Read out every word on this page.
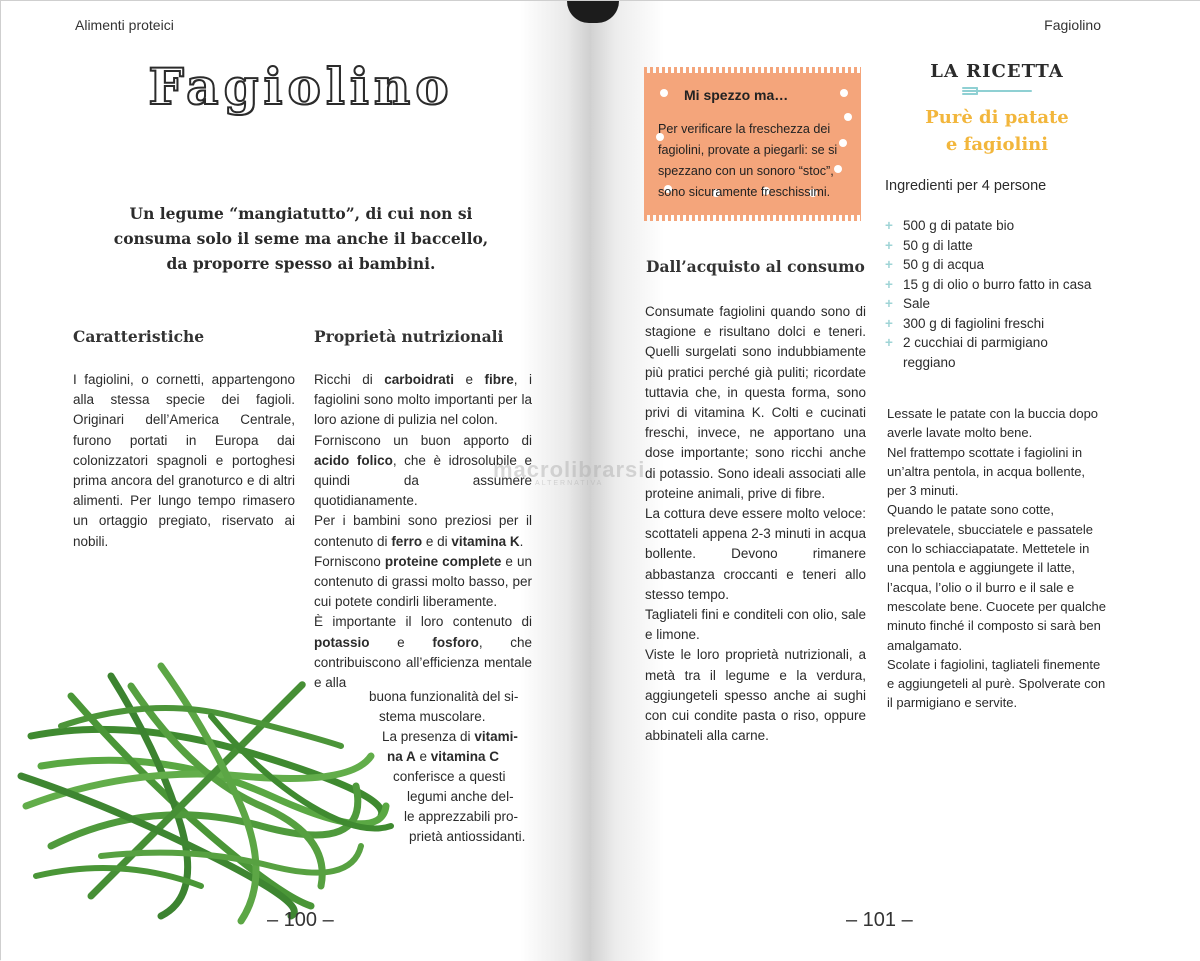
Alimenti proteici
Fagiolino
Un legume “mangiatutto”, di cui non si
consuma solo il seme ma anche il baccello,
da proporre spesso ai bambini.
Caratteristiche	Proprietà nutrizionali
I fagiolini, o cornetti, appartengono alla stessa specie dei fagioli. Originari dell’America Centrale, furono portati in Europa dai colonizzatori spagnoli e portoghesi prima ancora del granoturco e di altri alimenti. Per lungo tempo rimasero un ortaggio pregiato, riservato ai nobili.

Ricchi di carboidrati e fibre, i fagiolini sono molto importanti per la loro azione di pulizia nel colon.

Forniscono un buon apporto di acido folico, che è idrosolubile e quindi da assumere quotidianamente.

Per i bambini sono preziosi per il contenuto di ferro e di vitamina K.

Forniscono proteine complete e un contenuto di grassi molto basso, per cui potete condirli liberamente.

È importante il loro contenuto di potassio e fosforo, che contribuiscono all’efficienza mentale e alla

buona funzionalità del si-
stema muscolare.
La presenza di vitami-
na A e vitamina C
conferisce a questi
legumi anche del-
le apprezzabili pro-
prietà antiossidanti.
– 100 –
Fagiolino
Mi spezzo ma…
Per verificare la freschezza dei fagiolini, provate a piegarli: se si spezzano con un sonoro “stoc”, sono sicuramente freschissimi.
Dall’acquisto al consumo

Consumate fagiolini quando sono di stagione e risultano dolci e teneri. Quelli surgelati sono indubbiamente più pratici perché già puliti; ricordate tuttavia che, in questa forma, sono privi di vitamina K. Colti e cucinati freschi, invece, ne apportano una dose importante; sono ricchi anche di potassio. Sono ideali associati alle proteine animali, prive di fibre.

La cottura deve essere molto veloce: scottateli appena 2-3 minuti in acqua bollente. Devono rimanere abbastanza croccanti e teneri allo stesso tempo.

Tagliateli fini e conditeli con olio, sale e limone.

Viste le loro proprietà nutrizionali, a metà tra il legume e la verdura, aggiungeteli spesso anche ai sughi con cui condite pasta o riso, oppure abbinateli alla carne.

LA RICETTA
Purè di patate
e fagiolini
Ingredienti per 4 persone
+ 500 g di patate bio
+ 50 g di latte
+ 50 g di acqua
+ 15 g di olio o burro fatto in casa
+ Sale
+ 300 g di fagiolini freschi
+ 2 cucchiai di parmigiano reggiano

Lessate le patate con la buccia dopo averle lavate molto bene.

Nel frattempo scottate i fagiolini in un’altra pentola, in acqua bollente, per 3 minuti.

Quando le patate sono cotte, prelevatele, sbucciatele e passatele con lo schiacciapatate. Mettetele in una pentola e aggiungete il latte, l’acqua, l’olio o il burro e il sale e mescolate bene. Cuocete per qualche minuto finché il composto si sarà ben amalgamato.

Scolate i fagiolini, tagliateli finemente e aggiungeteli al purè. Spolverate con il parmigiano e servite.

– 101 –
macrolibrarsi
ALTERNATIVA
